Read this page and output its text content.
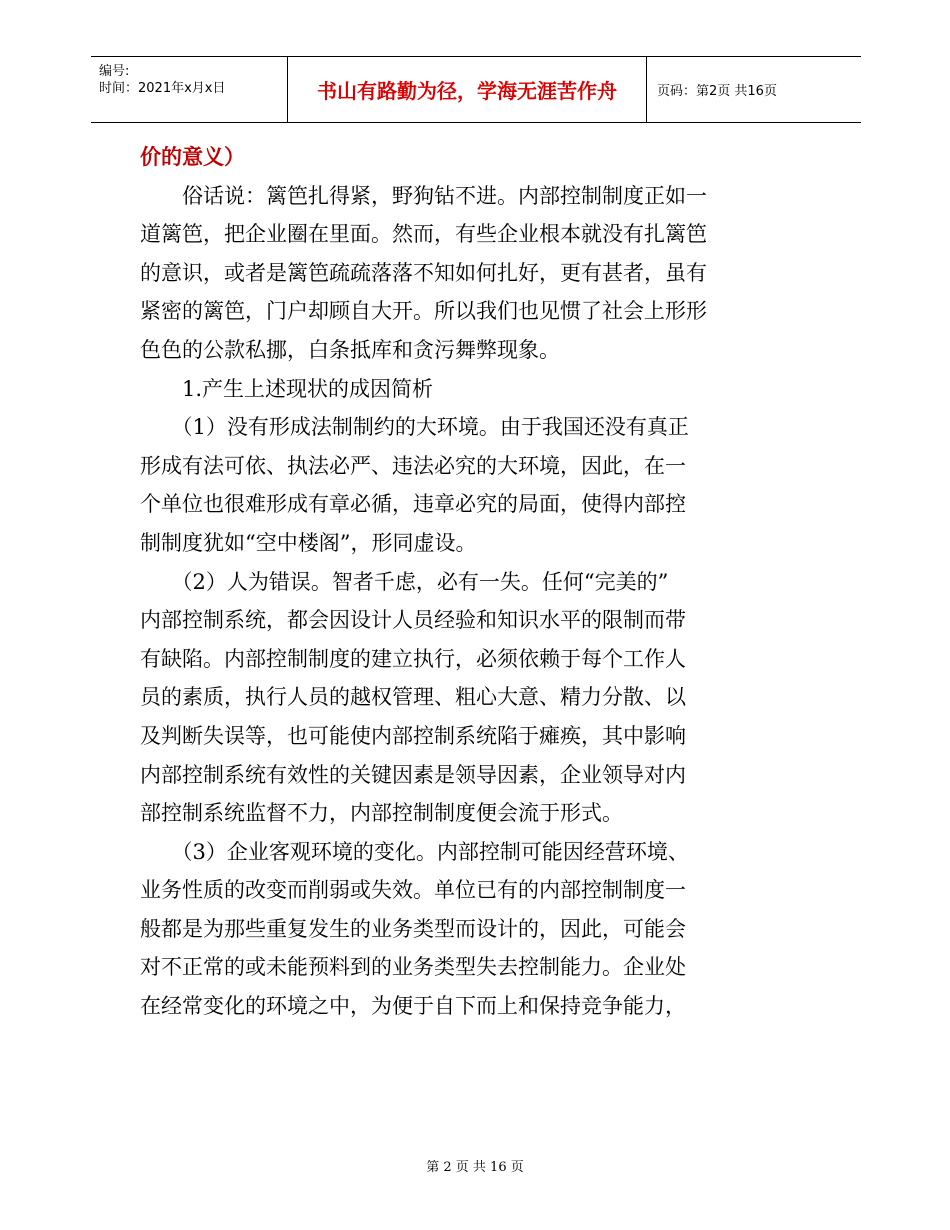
编号:
时间：2021年x月x日	书山有路勤为径，学海无涯苦作舟	页码：第2页 共16页
价的意义）
　　俗话说：篱笆扎得紧，野狗钻不进。内部控制制度正如一
道篱笆，把企业圈在里面。然而，有些企业根本就没有扎篱笆
的意识，或者是篱笆疏疏落落不知如何扎好，更有甚者，虽有
紧密的篱笆，门户却顾自大开。所以我们也见惯了社会上形形
色色的公款私挪，白条抵库和贪污舞弊现象。
　　1.产生上述现状的成因简析
　　（1）没有形成法制制约的大环境。由于我国还没有真正
形成有法可依、执法必严、违法必究的大环境，因此，在一
个单位也很难形成有章必循，违章必究的局面，使得内部控
制制度犹如“空中楼阁”，形同虚设。
　　（2）人为错误。智者千虑，必有一失。任何“完美的”
内部控制系统，都会因设计人员经验和知识水平的限制而带
有缺陷。内部控制制度的建立执行，必须依赖于每个工作人
员的素质，执行人员的越权管理、粗心大意、精力分散、以
及判断失误等，也可能使内部控制系统陷于瘫痪，其中影响
内部控制系统有效性的关键因素是领导因素，企业领导对内
部控制系统监督不力，内部控制制度便会流于形式。
　　（3）企业客观环境的变化。内部控制可能因经营环境、
业务性质的改变而削弱或失效。单位已有的内部控制制度一
般都是为那些重复发生的业务类型而设计的，因此，可能会
对不正常的或未能预料到的业务类型失去控制能力。企业处
在经常变化的环境之中，为便于自下而上和保持竞争能力，
第 2 页 共 16 页
